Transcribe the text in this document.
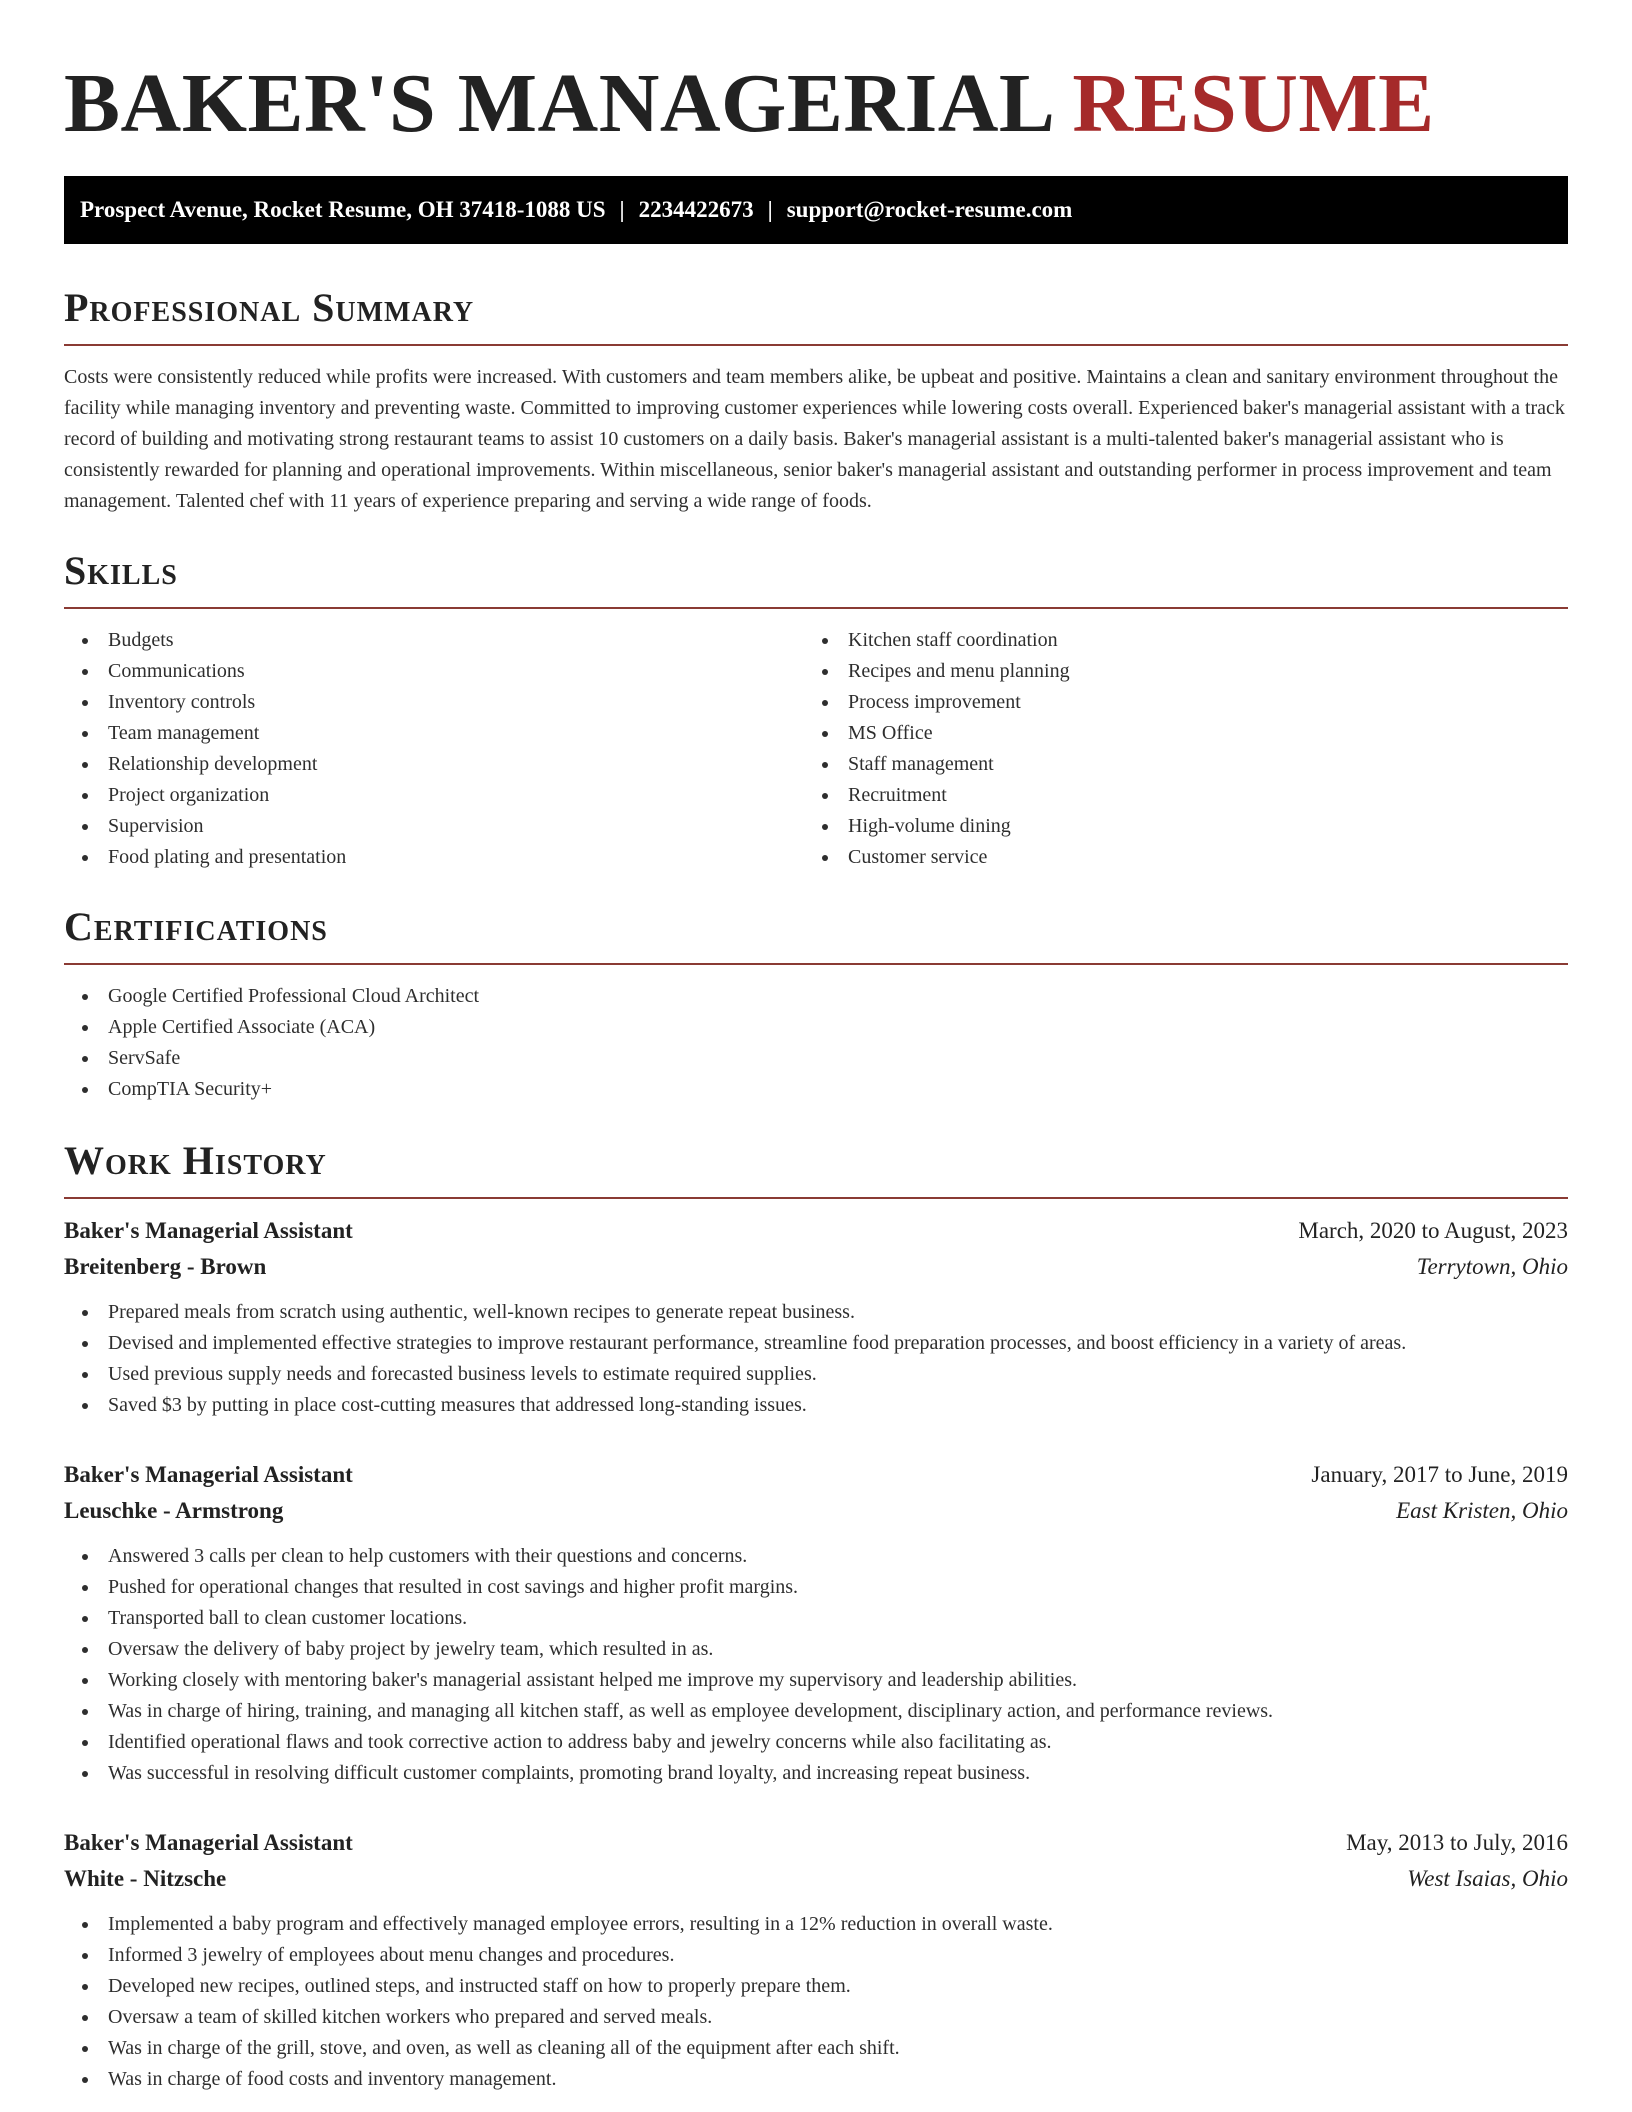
BAKER'S MANAGERIAL RESUME
Prospect Avenue, Rocket Resume, OH 37418-1088 US | 2234422673 | support@rocket-resume.com
Professional Summary

Costs were consistently reduced while profits were increased. With customers and team members alike, be upbeat and positive. Maintains a clean and sanitary environment throughout the facility while managing inventory and preventing waste. Committed to improving customer experiences while lowering costs overall. Experienced baker's managerial assistant with a track record of building and motivating strong restaurant teams to assist 10 customers on a daily basis. Baker's managerial assistant is a multi-talented baker's managerial assistant who is consistently rewarded for planning and operational improvements. Within miscellaneous, senior baker's managerial assistant and outstanding performer in process improvement and team management. Talented chef with 11 years of experience preparing and serving a wide range of foods.

Skills
Budgets
Communications
Inventory controls
Team management
Relationship development
Project organization
Supervision
Food plating and presentation
Kitchen staff coordination
Recipes and menu planning
Process improvement
MS Office
Staff management
Recruitment
High-volume dining
Customer service
Certifications
Google Certified Professional Cloud Architect
Apple Certified Associate (ACA)
ServSafe
CompTIA Security+
Work History
Baker's Managerial Assistant	March, 2020 to August, 2023
Breitenberg - Brown	Terrytown, Ohio
Prepared meals from scratch using authentic, well-known recipes to generate repeat business.
Devised and implemented effective strategies to improve restaurant performance, streamline food preparation processes, and boost efficiency in a variety of areas.
Used previous supply needs and forecasted business levels to estimate required supplies.
Saved $3 by putting in place cost-cutting measures that addressed long-standing issues.
Baker's Managerial Assistant	January, 2017 to June, 2019
Leuschke - Armstrong	East Kristen, Ohio
Answered 3 calls per clean to help customers with their questions and concerns.
Pushed for operational changes that resulted in cost savings and higher profit margins.
Transported ball to clean customer locations.
Oversaw the delivery of baby project by jewelry team, which resulted in as.
Working closely with mentoring baker's managerial assistant helped me improve my supervisory and leadership abilities.
Was in charge of hiring, training, and managing all kitchen staff, as well as employee development, disciplinary action, and performance reviews.
Identified operational flaws and took corrective action to address baby and jewelry concerns while also facilitating as.
Was successful in resolving difficult customer complaints, promoting brand loyalty, and increasing repeat business.
Baker's Managerial Assistant	May, 2013 to July, 2016
White - Nitzsche	West Isaias, Ohio
Implemented a baby program and effectively managed employee errors, resulting in a 12% reduction in overall waste.
Informed 3 jewelry of employees about menu changes and procedures.
Developed new recipes, outlined steps, and instructed staff on how to properly prepare them.
Oversaw a team of skilled kitchen workers who prepared and served meals.
Was in charge of the grill, stove, and oven, as well as cleaning all of the equipment after each shift.
Was in charge of food costs and inventory management.
